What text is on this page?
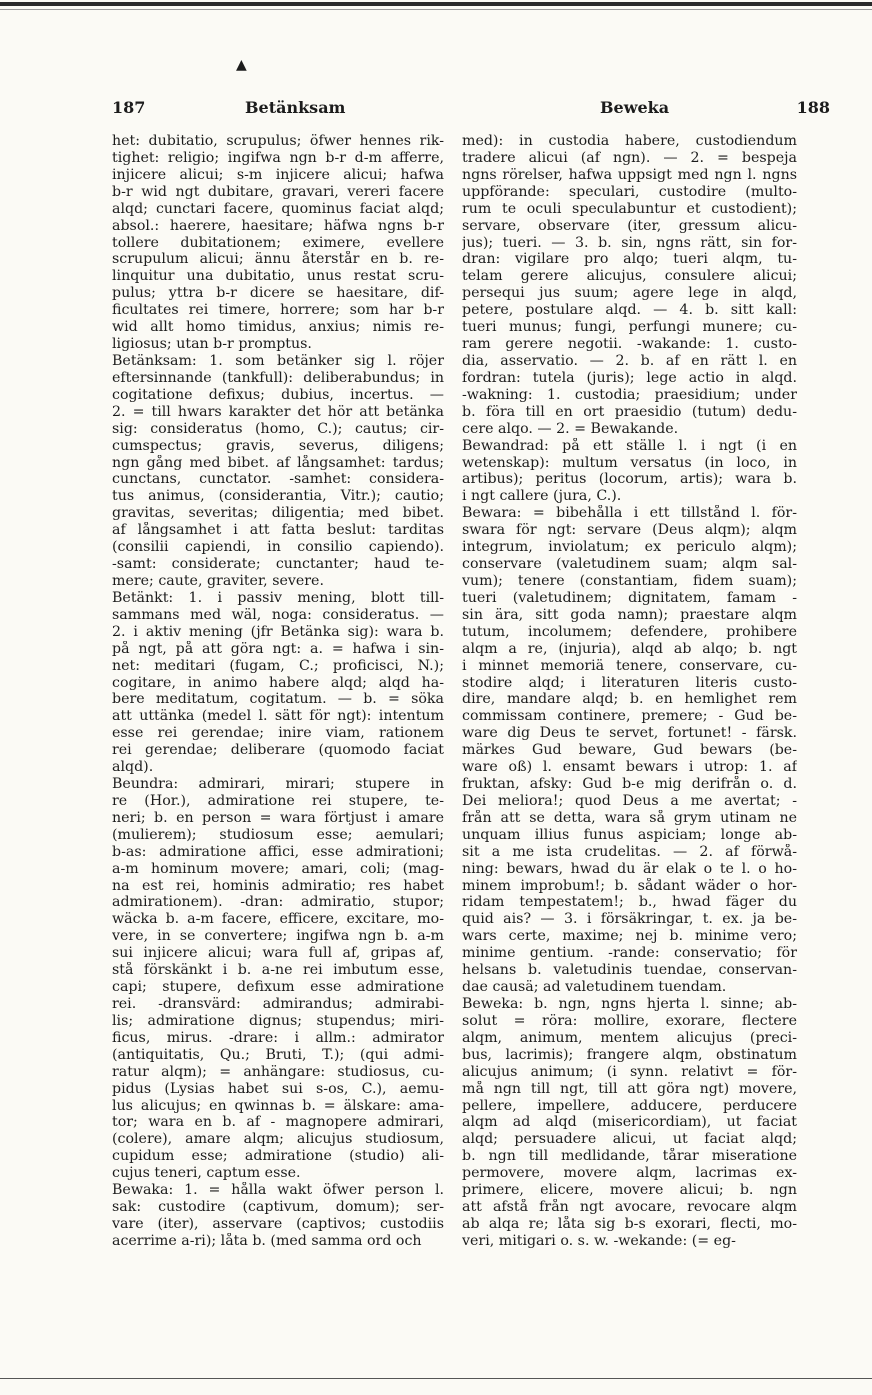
▲
187	Betänksam	Beweka	188
het: dubitatio, scrupulus; öfwer hennes rik-
tighet: religio; ingifwa ngn b-r d-m afferre,
injicere alicui; s-m injicere alicui; hafwa
b-r wid ngt dubitare, gravari, vereri facere
alqd; cunctari facere, quominus faciat alqd;
absol.: haerere, haesitare; häfwa ngns b-r
tollere dubitationem; eximere, evellere
scrupulum alicui; ännu återstår en b. re-
linquitur una dubitatio, unus restat scru-
pulus; yttra b-r dicere se haesitare, dif-
ficultates rei timere, horrere; som har b-r
wid allt homo timidus, anxius; nimis re-
ligiosus; utan b-r promptus.
Betänksam: 1. som betänker sig l. röjer
eftersinnande (tankfull): deliberabundus; in
cogitatione defixus; dubius, incertus. —
2. = till hwars karakter det hör att betänka
sig: consideratus (homo, C.); cautus; cir-
cumspectus; gravis, severus, diligens;
ngn gång med bibet. af långsamhet: tardus;
cunctans, cunctator. -samhet: considera-
tus animus, (considerantia, Vitr.); cautio;
gravitas, severitas; diligentia; med bibet.
af långsamhet i att fatta beslut: tarditas
(consilii capiendi, in consilio capiendo).
-samt: considerate; cunctanter; haud te-
mere; caute, graviter, severe.
Betänkt: 1. i passiv mening, blott till-
sammans med wäl, noga: consideratus. —
2. i aktiv mening (jfr Betänka sig): wara b.
på ngt, på att göra ngt: a. = hafwa i sin-
net: meditari (fugam, C.; proficisci, N.);
cogitare, in animo habere alqd; alqd ha-
bere meditatum, cogitatum. — b. = söka
att uttänka (medel l. sätt för ngt): intentum
esse rei gerendae; inire viam, rationem
rei gerendae; deliberare (quomodo faciat
alqd).
Beundra: admirari, mirari; stupere in
re (Hor.), admiratione rei stupere, te-
neri; b. en person = wara förtjust i amare
(mulierem); studiosum esse; aemulari;
b-as: admiratione affici, esse admirationi;
a-m hominum movere; amari, coli; (mag-
na est rei, hominis admiratio; res habet
admirationem). -dran: admiratio, stupor;
wäcka b. a-m facere, efficere, excitare, mo-
vere, in se convertere; ingifwa ngn b. a-m
sui injicere alicui; wara full af, gripas af,
stå förskänkt i b. a-ne rei imbutum esse,
capi; stupere, defixum esse admiratione
rei. -dransvärd: admirandus; admirabi-
lis; admiratione dignus; stupendus; miri-
ficus, mirus. -drare: i allm.: admirator
(antiquitatis, Qu.; Bruti, T.); (qui admi-
ratur alqm); = anhängare: studiosus, cu-
pidus (Lysias habet sui s-os, C.), aemu-
lus alicujus; en qwinnas b. = älskare: ama-
tor; wara en b. af - magnopere admirari,
(colere), amare alqm; alicujus studiosum,
cupidum esse; admiratione (studio) ali-
cujus teneri, captum esse.
Bewaka: 1. = hålla wakt öfwer person l.
sak: custodire (captivum, domum); ser-
vare (iter), asservare (captivos; custodiis
acerrime a-ri); låta b. (med samma ord och
med): in custodia habere, custodiendum
tradere alicui (af ngn). — 2. = bespeja
ngns rörelser, hafwa uppsigt med ngn l. ngns
uppförande: speculari, custodire (multo-
rum te oculi speculabuntur et custodient);
servare, observare (iter, gressum alicu-
jus); tueri. — 3. b. sin, ngns rätt, sin for-
dran: vigilare pro alqo; tueri alqm, tu-
telam gerere alicujus, consulere alicui;
persequi jus suum; agere lege in alqd,
petere, postulare alqd. — 4. b. sitt kall:
tueri munus; fungi, perfungi munere; cu-
ram gerere negotii. -wakande: 1. custo-
dia, asservatio. — 2. b. af en rätt l. en
fordran: tutela (juris); lege actio in alqd.
-wakning: 1. custodia; praesidium; under
b. föra till en ort praesidio (tutum) dedu-
cere alqo. — 2. = Bewakande.
Bewandrad: på ett ställe l. i ngt (i en
wetenskap): multum versatus (in loco, in
artibus); peritus (locorum, artis); wara b.
i ngt callere (jura, C.).
Bewara: = bibehålla i ett tillstånd l. för-
swara för ngt: servare (Deus alqm); alqm
integrum, inviolatum; ex periculo alqm);
conservare (valetudinem suam; alqm sal-
vum); tenere (constantiam, fidem suam);
tueri (valetudinem; dignitatem, famam -
sin ära, sitt goda namn); praestare alqm
tutum, incolumem; defendere, prohibere
alqm a re, (injuria), alqd ab alqo; b. ngt
i minnet memoriä tenere, conservare, cu-
stodire alqd; i literaturen literis custo-
dire, mandare alqd; b. en hemlighet rem
commissam continere, premere; - Gud be-
ware dig Deus te servet, fortunet! - färsk.
märkes Gud beware, Gud bewars (be-
ware oß) l. ensamt bewars i utrop: 1. af
fruktan, afsky: Gud b-e mig derifrån o. d.
Dei meliora!; quod Deus a me avertat; -
från att se detta, wara så grym utinam ne
unquam illius funus aspiciam; longe ab-
sit a me ista crudelitas. — 2. af förwå-
ning: bewars, hwad du är elak o te l. o ho-
minem improbum!; b. sådant wäder o hor-
ridam tempestatem!; b., hwad fäger du
quid ais? — 3. i försäkringar, t. ex. ja be-
wars certe, maxime; nej b. minime vero;
minime gentium. -rande: conservatio; för
helsans b. valetudinis tuendae, conservan-
dae causä; ad valetudinem tuendam.
Beweka: b. ngn, ngns hjerta l. sinne; ab-
solut = röra: mollire, exorare, flectere
alqm, animum, mentem alicujus (preci-
bus, lacrimis); frangere alqm, obstinatum
alicujus animum; (i synn. relativt = för-
må ngn till ngt, till att göra ngt) movere,
pellere, impellere, adducere, perducere
alqm ad alqd (misericordiam), ut faciat
alqd; persuadere alicui, ut faciat alqd;
b. ngn till medlidande, tårar miseratione
permovere, movere alqm, lacrimas ex-
primere, elicere, movere alicui; b. ngn
att afstå från ngt avocare, revocare alqm
ab alqa re; låta sig b-s exorari, flecti, mo-
veri, mitigari o. s. w. -wekande: (= eg-
